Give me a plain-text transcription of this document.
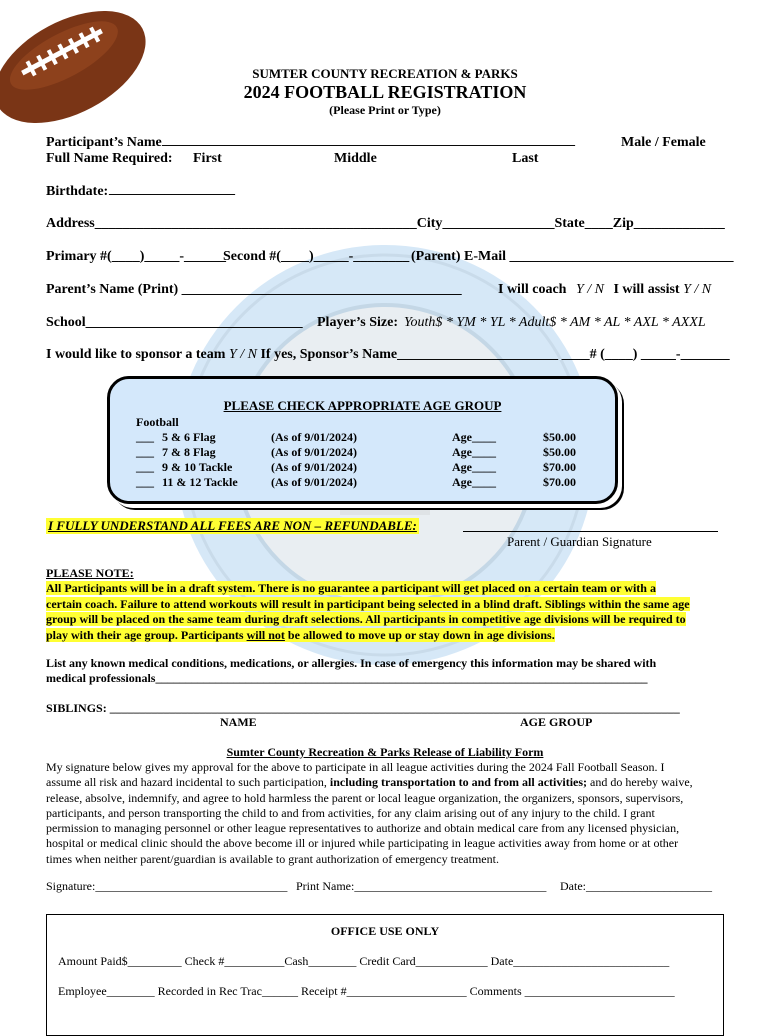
SUMTER COUNTY RECREATION & PARKS
2024 FOOTBALL REGISTRATION
(Please Print or Type)
Participant’s Name ___________________________________________________________	Male / Female
Full Name Required: First	Middle	Last
Birthdate: __________________
Address______________________________________________City________________State____Zip_____________
Primary #(____)_____-______
Second #(____)_____-________ (Parent) E-Mail ________________________________
Parent’s Name (Print) ________________________________________	I will coach Y / N I will assist Y / N
School_______________________________ Player’s Size: Youth$ * YM * YL * Adult$ * AM * AL * AXL * AXXL
I would like to sponsor a team Y / N If yes, Sponsor’s Name_______________________ ____# (____) _____-_______
PLEASE CHECK APPROPRIATE AGE GROUP
Football
___ 5 & 6 Flag	(As of 9/01/2024)	Age____	$50.00
___ 7 & 8 Flag	(As of 9/01/2024)	Age____	$50.00
___ 9 & 10 Tackle	(As of 9/01/2024)	Age____	$70.00
___ 11 & 12 Tackle	(As of 9/01/2024)	Age____	$70.00
I FULLY UNDERSTAND ALL FEES ARE NON – REFUNDABLE:
Parent / Guardian Signature
PLEASE NOTE:
All Participants will be in a draft system. There is no guarantee a participant will get placed on a certain team or with a
certain coach. Failure to attend workouts will result in participant being selected in a blind draft. Siblings within the same age
group will be placed on the same team during draft selections. All participants in competitive age divisions will be required to
play with their age group. Participants will not be allowed to move up or stay down in age divisions.
List any known medical conditions, medications, or allergies. In case of emergency this information may be shared with
medical professionals__________________________________________________________________________________
SIBLINGS: _______________________________________________________________________________________________
NAME	AGE GROUP
Sumter County Recreation & Parks Release of Liability Form
My signature below gives my approval for the above to participate in all league activities during the 2024 Fall Football Season. I
assume all risk and hazard incidental to such participation, including transportation to and from all activities; and do hereby waive,
release, absolve, indemnify, and agree to hold harmless the parent or local league organization, the organizers, sponsors, supervisors,
participants, and person transporting the child to and from activities, for any claim arising out of any injury to the child. I grant
permission to managing personnel or other league representatives to authorize and obtain medical care from any licensed physician,
hospital or medical clinic should the above become ill or injured while participating in league activities away from home or at other
times when neither parent/guardian is available to grant authorization of emergency treatment.
Signature:________________________________ Print Name:________________________________ Date:_____________________
OFFICE USE ONLY
Amount Paid$_________ Check #__________Cash________ Credit Card____________ Date__________________________
Employee________ Recorded in Rec Trac______ Receipt #____________________ Comments _________________________
